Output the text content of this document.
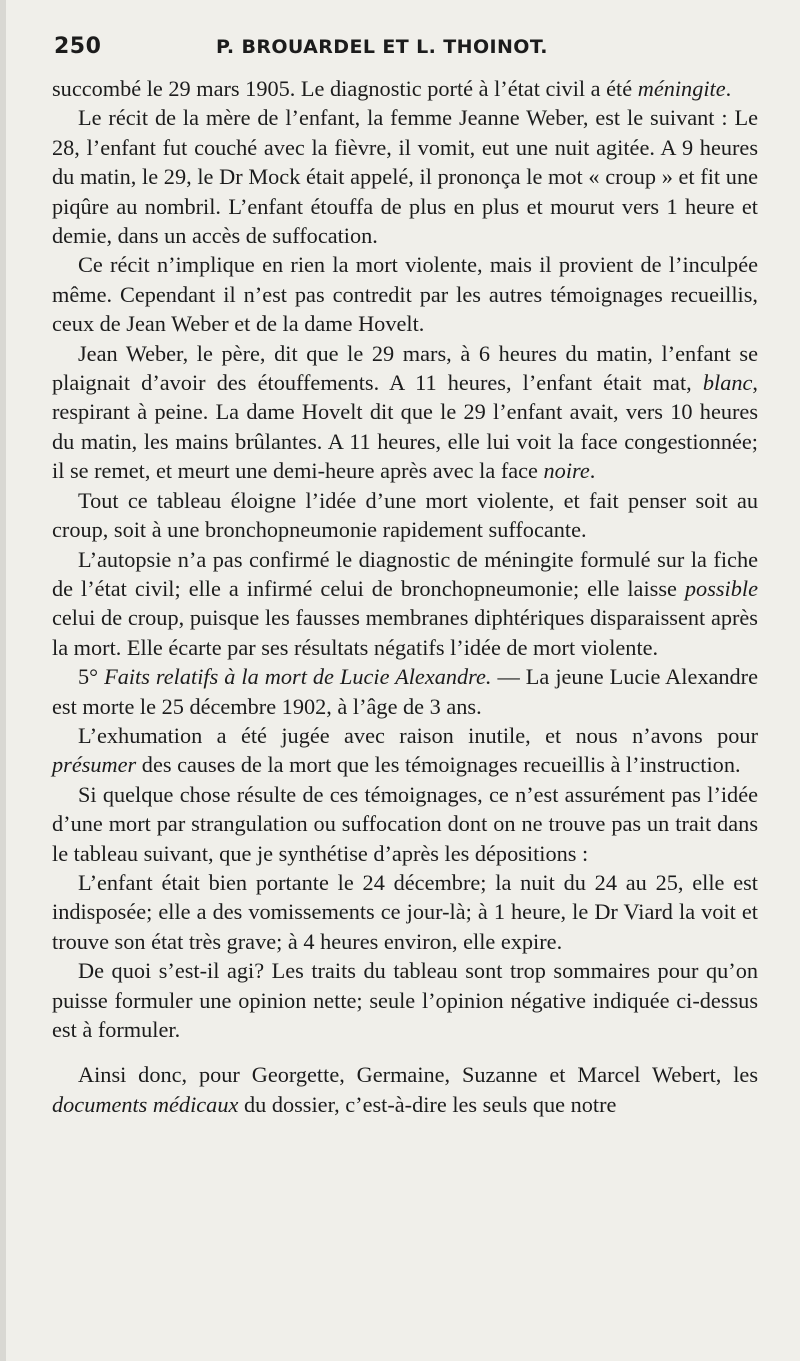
250	P. BROUARDEL ET L. THOINOT.

succombé le 29 mars 1905. Le diagnostic porté à l’état civil a été méningite.

Le récit de la mère de l’enfant, la femme Jeanne Weber, est le suivant : Le 28, l’enfant fut couché avec la fièvre, il vomit, eut une nuit agitée. A 9 heures du matin, le 29, le Dr Mock était appelé, il prononça le mot « croup » et fit une piqûre au nombril. L’enfant étouffa de plus en plus et mourut vers 1 heure et demie, dans un accès de suffocation.

Ce récit n’implique en rien la mort violente, mais il provient de l’inculpée même. Cependant il n’est pas contredit par les autres témoignages recueillis, ceux de Jean Weber et de la dame Hovelt.

Jean Weber, le père, dit que le 29 mars, à 6 heures du matin, l’enfant se plaignait d’avoir des étouffements. A 11 heures, l’enfant était mat, blanc, respirant à peine. La dame Hovelt dit que le 29 l’enfant avait, vers 10 heures du matin, les mains brûlantes. A 11 heures, elle lui voit la face congestionnée; il se remet, et meurt une demi-heure après avec la face noire.

Tout ce tableau éloigne l’idée d’une mort violente, et fait penser soit au croup, soit à une bronchopneumonie rapidement suffocante.

L’autopsie n’a pas confirmé le diagnostic de méningite formulé sur la fiche de l’état civil; elle a infirmé celui de bronchopneumonie; elle laisse possible celui de croup, puisque les fausses membranes diphtériques disparaissent après la mort. Elle écarte par ses résultats négatifs l’idée de mort violente.

5° Faits relatifs à la mort de Lucie Alexandre. — La jeune Lucie Alexandre est morte le 25 décembre 1902, à l’âge de 3 ans.

L’exhumation a été jugée avec raison inutile, et nous n’avons pour présumer des causes de la mort que les témoignages recueillis à l’instruction.

Si quelque chose résulte de ces témoignages, ce n’est assurément pas l’idée d’une mort par strangulation ou suffocation dont on ne trouve pas un trait dans le tableau suivant, que je synthétise d’après les dépositions :

L’enfant était bien portante le 24 décembre; la nuit du 24 au 25, elle est indisposée; elle a des vomissements ce jour-là; à 1 heure, le Dr Viard la voit et trouve son état très grave; à 4 heures environ, elle expire.

De quoi s’est-il agi? Les traits du tableau sont trop sommaires pour qu’on puisse formuler une opinion nette; seule l’opinion négative indiquée ci-dessus est à formuler.

Ainsi donc, pour Georgette, Germaine, Suzanne et Marcel Webert, les documents médicaux du dossier, c’est-à-dire les seuls que notre
